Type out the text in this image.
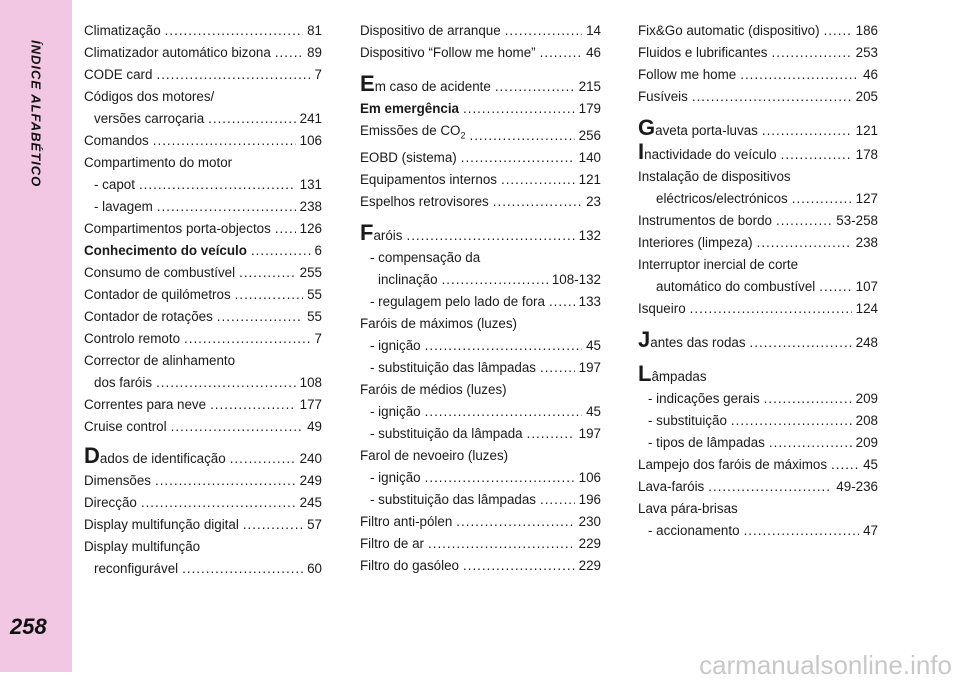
ÍNDICE ALFABÉTICO
258
Climatização .....	81
Climatizador automático bizona .....	89
CODE card .....	7
Códigos dos motores/
versões carroçaria .....	241
Comandos .....	106
Compartimento do motor
- capot .....	131
- lavagem .....	238
Compartimentos porta-objectos ..... 126
Conhecimento do veículo .....	6
Consumo de combustível .....	255
Contador de quilómetros .....	55
Contador de rotações .....	55
Controlo remoto .....	7
Corrector de alinhamento
dos faróis .....	108
Correntes para neve .....	177
Cruise control .....	49
Dados de identificação .....	240
Dimensões .....	249
Direcção .....	245
Display multifunção digital .....	57
Display multifunção
reconfigurável .....	60
Dispositivo de arranque .....	14
Dispositivo “Follow me home” .....	46
Em caso de acidente .....	215
Em emergência .....	179
Emissões de $CO_2$ .....	256
EOBD (sistema) .....	140
Equipamentos internos .....	121
Espelhos retrovisores .....	23
Faróis .....	132
- compensação da
inclinação .....	108-132
- regulagem pelo lado de fora .....	133
Faróis de máximos (luzes)
- ignição .....	45
- substituição das lâmpadas .....	197
Faróis de médios (luzes)
- ignição .....	45
- substituição da lâmpada .....	197
Farol de nevoeiro (luzes)
- ignição .....	106
- substituição das lâmpadas .....	196
Filtro anti-pólen .....	230
Filtro de ar .....	229
Filtro do gasóleo .....	229
Fix&Go automatic (dispositivo) .....	186
Fluidos e lubrificantes .....	253
Follow me home .....	46
Fusíveis .....	205
Gaveta porta-luvas .....	121
Inactividade do veículo .....	178
Instalação de dispositivos
eléctricos/electrónicos .....	127
Instrumentos de bordo .....	53-258
Interiores (limpeza) .....	238
Interruptor inercial de corte
automático do combustível .....	107
Isqueiro .....	124
Jantes das rodas .....	248
Lâmpadas
- indicações gerais .....	209
- substituição .....	208
- tipos de lâmpadas .....	209
Lampejo dos faróis de máximos .....	45
Lava-faróis .....	49-236
Lava pára-brisas
- accionamento .....	47
carmanualsonline.info
